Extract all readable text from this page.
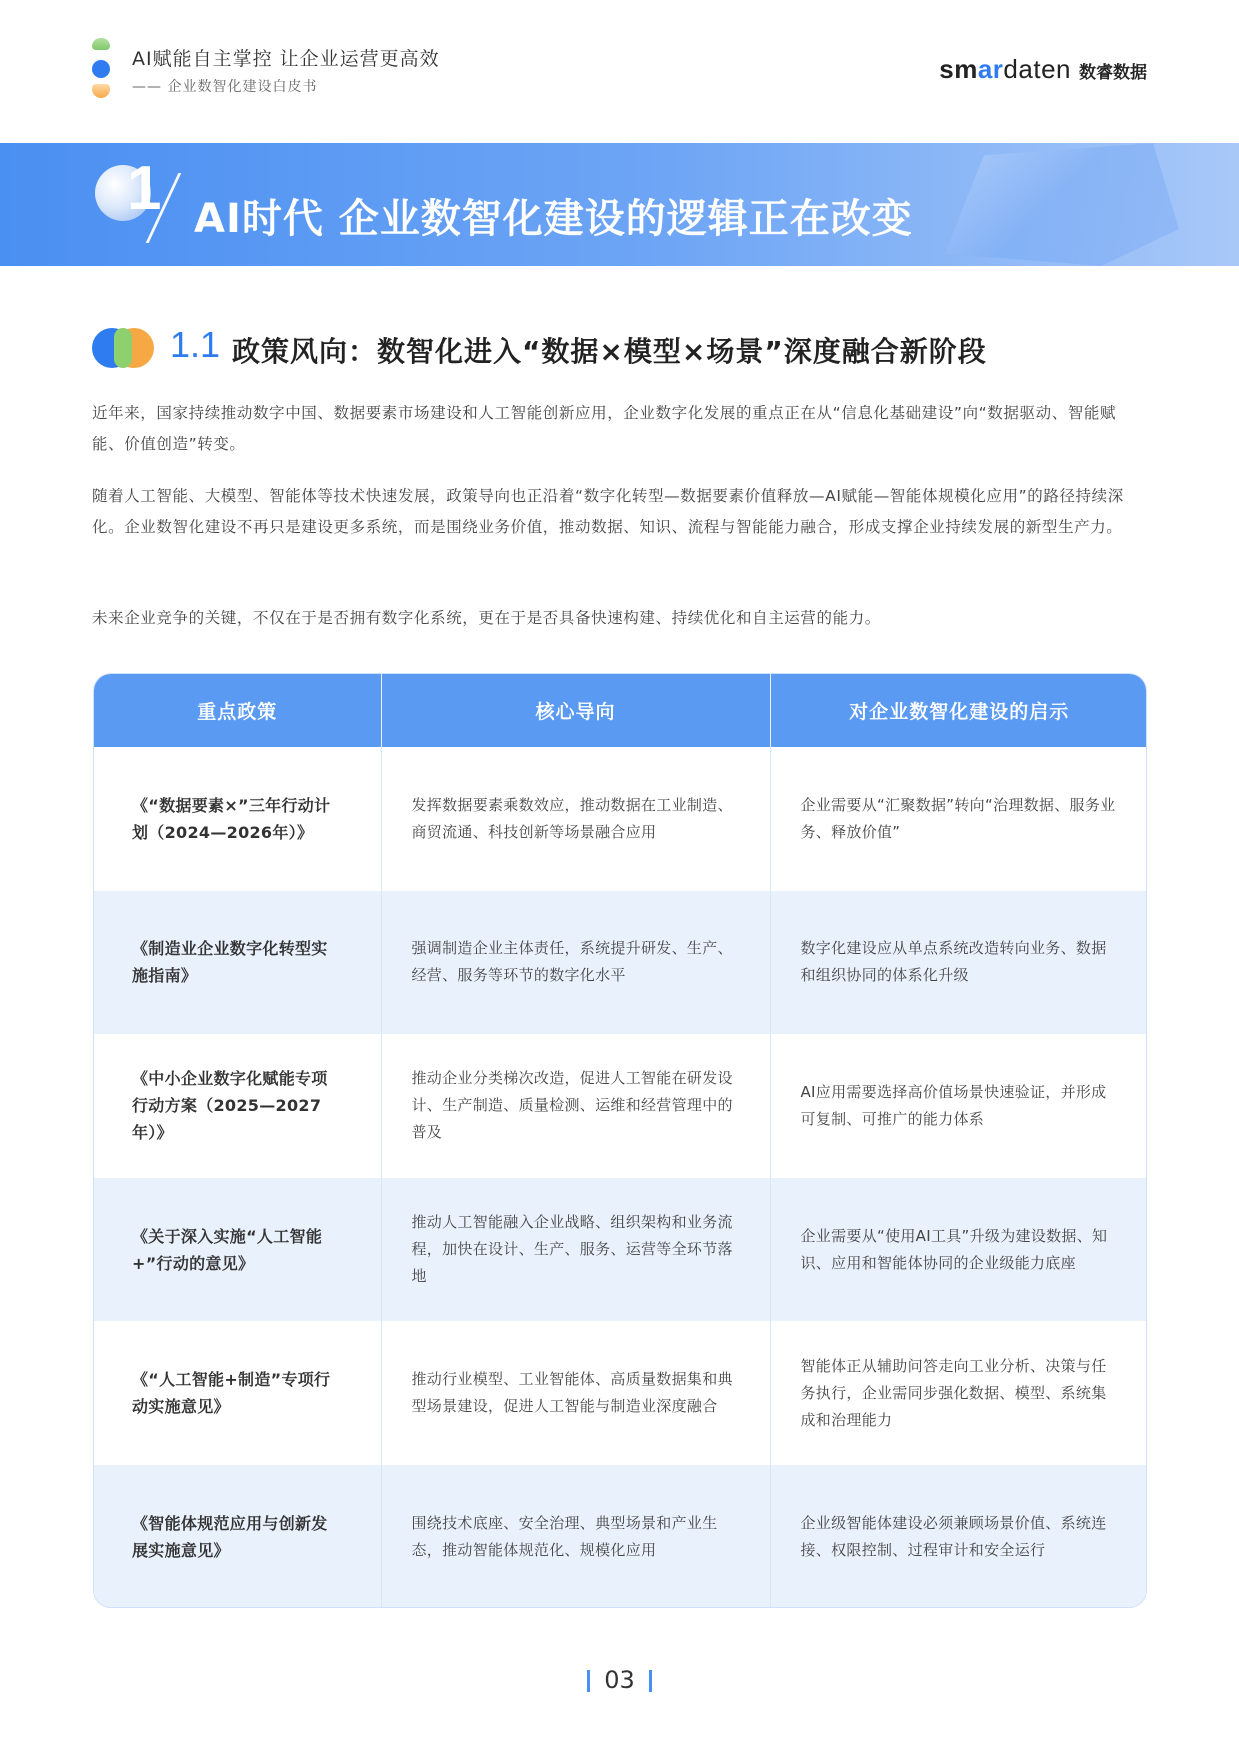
AI赋能自主掌控 让企业运营更高效
—— 企业数智化建设白皮书
smardaten 数睿数据
1 AI时代 企业数智化建设的逻辑正在改变
1.1 政策风向：数智化进入“数据×模型×场景”深度融合新阶段

近年来，国家持续推动数字中国、数据要素市场建设和人工智能创新应用，企业数字化发展的重点正在从“信息化基础建设”向“数据驱动、智能赋能、价值创造”转变。

随着人工智能、大模型、智能体等技术快速发展，政策导向也正沿着“数字化转型—数据要素价值释放—AI赋能—智能体规模化应用”的路径持续深化。企业数智化建设不再只是建设更多系统，而是围绕业务价值，推动数据、知识、流程与智能能力融合，形成支撑企业持续发展的新型生产力。

未来企业竞争的关键，不仅在于是否拥有数字化系统，更在于是否具备快速构建、持续优化和自主运营的能力。

重点政策	核心导向	对企业数智化建设的启示
《“数据要素×”三年行动计划（2024—2026年）》	发挥数据要素乘数效应，推动数据在工业制造、商贸流通、科技创新等场景融合应用	企业需要从“汇聚数据”转向“治理数据、服务业务、释放价值”
《制造业企业数字化转型实施指南》	强调制造企业主体责任，系统提升研发、生产、经营、服务等环节的数字化水平	数字化建设应从单点系统改造转向业务、数据和组织协同的体系化升级
《中小企业数字化赋能专项行动方案（2025—2027年）》	推动企业分类梯次改造，促进人工智能在研发设计、生产制造、质量检测、运维和经营管理中的普及	AI应用需要选择高价值场景快速验证，并形成可复制、可推广的能力体系
《关于深入实施“人工智能+”行动的意见》	推动人工智能融入企业战略、组织架构和业务流程，加快在设计、生产、服务、运营等全环节落地	企业需要从“使用AI工具”升级为建设数据、知识、应用和智能体协同的企业级能力底座
《“人工智能+制造”专项行动实施意见》	推动行业模型、工业智能体、高质量数据集和典型场景建设，促进人工智能与制造业深度融合	智能体正从辅助问答走向工业分析、决策与任务执行，企业需同步强化数据、模型、系统集成和治理能力
《智能体规范应用与创新发展实施意见》	围绕技术底座、安全治理、典型场景和产业生态，推动智能体规范化、规模化应用	企业级智能体建设必须兼顾场景价值、系统连接、权限控制、过程审计和安全运行
03
